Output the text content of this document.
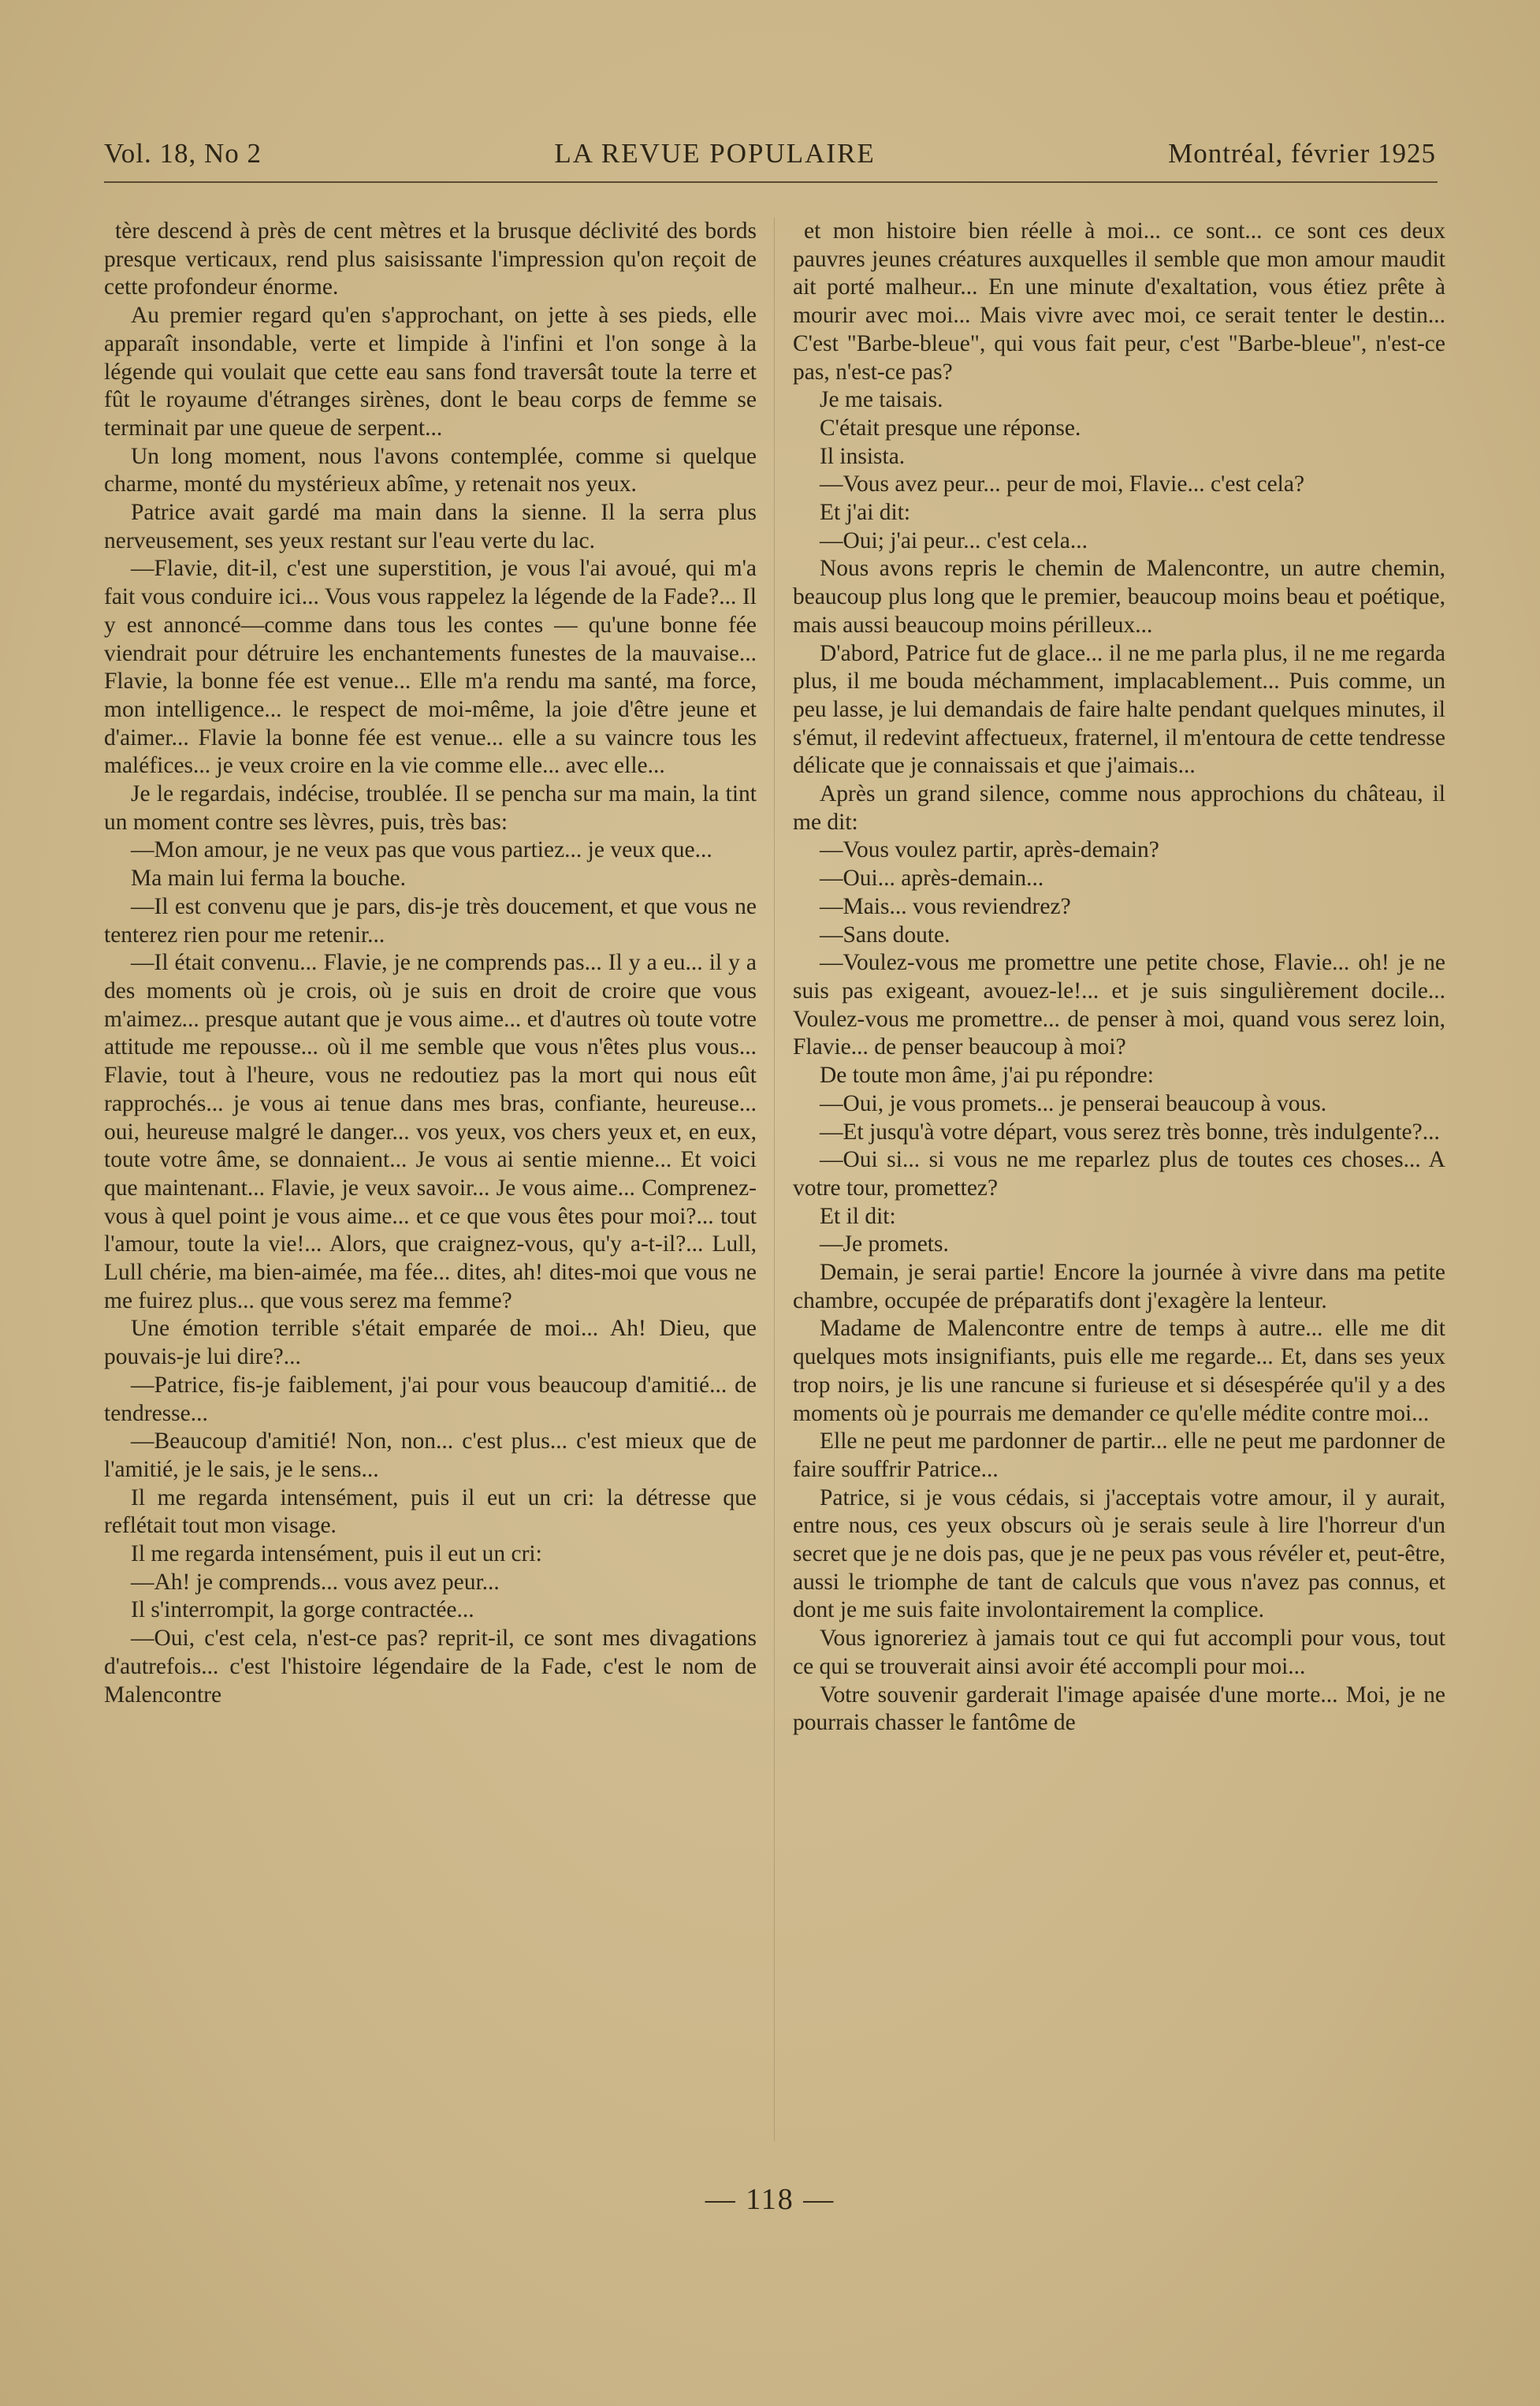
Vol. 18, No 2	LA REVUE POPULAIRE	Montréal, février 1925

tère descend à près de cent mètres et la brusque déclivité des bords presque verticaux, rend plus saisissante l'impression qu'on reçoit de cette profondeur énorme.

Au premier regard qu'en s'approchant, on jette à ses pieds, elle apparaît insondable, verte et limpide à l'infini et l'on songe à la légende qui voulait que cette eau sans fond traversât toute la terre et fût le royaume d'étranges sirènes, dont le beau corps de femme se terminait par une queue de serpent...

Un long moment, nous l'avons contemplée, comme si quelque charme, monté du mystérieux abîme, y retenait nos yeux.

Patrice avait gardé ma main dans la sienne. Il la serra plus nerveusement, ses yeux restant sur l'eau verte du lac.

—Flavie, dit-il, c'est une superstition, je vous l'ai avoué, qui m'a fait vous conduire ici... Vous vous rappelez la légende de la Fade?... Il y est annoncé—comme dans tous les contes — qu'une bonne fée viendrait pour détruire les enchantements funestes de la mauvaise... Flavie, la bonne fée est venue... Elle m'a rendu ma santé, ma force, mon intelligence... le respect de moi-même, la joie d'être jeune et d'aimer... Flavie la bonne fée est venue... elle a su vaincre tous les maléfices... je veux croire en la vie comme elle... avec elle...

Je le regardais, indécise, troublée. Il se pencha sur ma main, la tint un moment contre ses lèvres, puis, très bas:

—Mon amour, je ne veux pas que vous partiez... je veux que...

Ma main lui ferma la bouche.

—Il est convenu que je pars, dis-je très doucement, et que vous ne tenterez rien pour me retenir...

—Il était convenu... Flavie, je ne comprends pas... Il y a eu... il y a des moments où je crois, où je suis en droit de croire que vous m'aimez... presque autant que je vous aime... et d'autres où toute votre attitude me repousse... où il me semble que vous n'êtes plus vous... Flavie, tout à l'heure, vous ne redoutiez pas la mort qui nous eût rapprochés... je vous ai tenue dans mes bras, confiante, heureuse... oui, heureuse malgré le danger... vos yeux, vos chers yeux et, en eux, toute votre âme, se donnaient... Je vous ai sentie mienne... Et voici que maintenant... Flavie, je veux savoir... Je vous aime... Comprenez-vous à quel point je vous aime... et ce que vous êtes pour moi?... tout l'amour, toute la vie!... Alors, que craignez-vous, qu'y a-t-il?... Lull, Lull chérie, ma bien-aimée, ma fée... dites, ah! dites-moi que vous ne me fuirez plus... que vous serez ma femme?

Une émotion terrible s'était emparée de moi... Ah! Dieu, que pouvais-je lui dire?...

—Patrice, fis-je faiblement, j'ai pour vous beaucoup d'amitié... de tendresse...

—Beaucoup d'amitié! Non, non... c'est plus... c'est mieux que de l'amitié, je le sais, je le sens...

Il me regarda intensément, puis il eut un cri: la détresse que reflétait tout mon visage.

Il me regarda intensément, puis il eut un cri:

—Ah! je comprends... vous avez peur...

Il s'interrompit, la gorge contractée...

—Oui, c'est cela, n'est-ce pas? reprit-il, ce sont mes divagations d'autrefois... c'est l'histoire légendaire de la Fade, c'est le nom de Malencontre

et mon histoire bien réelle à moi... ce sont... ce sont ces deux pauvres jeunes créatures auxquelles il semble que mon amour maudit ait porté malheur... En une minute d'exaltation, vous étiez prête à mourir avec moi... Mais vivre avec moi, ce serait tenter le destin... C'est "Barbe-bleue", qui vous fait peur, c'est "Barbe-bleue", n'est-ce pas, n'est-ce pas?

Je me taisais.

C'était presque une réponse.

Il insista.

—Vous avez peur... peur de moi, Flavie... c'est cela?

Et j'ai dit:

—Oui; j'ai peur... c'est cela...

Nous avons repris le chemin de Malencontre, un autre chemin, beaucoup plus long que le premier, beaucoup moins beau et poétique, mais aussi beaucoup moins périlleux...

D'abord, Patrice fut de glace... il ne me parla plus, il ne me regarda plus, il me bouda méchamment, implacablement... Puis comme, un peu lasse, je lui demandais de faire halte pendant quelques minutes, il s'émut, il redevint affectueux, fraternel, il m'entoura de cette tendresse délicate que je connaissais et que j'aimais...

Après un grand silence, comme nous approchions du château, il me dit:

—Vous voulez partir, après-demain?

—Oui... après-demain...

—Mais... vous reviendrez?

—Sans doute.

—Voulez-vous me promettre une petite chose, Flavie... oh! je ne suis pas exigeant, avouez-le!... et je suis singulièrement docile... Voulez-vous me promettre... de penser à moi, quand vous serez loin, Flavie... de penser beaucoup à moi?

De toute mon âme, j'ai pu répondre:

—Oui, je vous promets... je penserai beaucoup à vous.

—Et jusqu'à votre départ, vous serez très bonne, très indulgente?...

—Oui si... si vous ne me reparlez plus de toutes ces choses... A votre tour, promettez?

Et il dit:

—Je promets.

Demain, je serai partie! Encore la journée à vivre dans ma petite chambre, occupée de préparatifs dont j'exagère la lenteur.

Madame de Malencontre entre de temps à autre... elle me dit quelques mots insignifiants, puis elle me regarde... Et, dans ses yeux trop noirs, je lis une rancune si furieuse et si désespérée qu'il y a des moments où je pourrais me demander ce qu'elle médite contre moi...

Elle ne peut me pardonner de partir... elle ne peut me pardonner de faire souffrir Patrice...

Patrice, si je vous cédais, si j'acceptais votre amour, il y aurait, entre nous, ces yeux obscurs où je serais seule à lire l'horreur d'un secret que je ne dois pas, que je ne peux pas vous révéler et, peut-être, aussi le triomphe de tant de calculs que vous n'avez pas connus, et dont je me suis faite involontairement la complice.

Vous ignoreriez à jamais tout ce qui fut accompli pour vous, tout ce qui se trouverait ainsi avoir été accompli pour moi...

Votre souvenir garderait l'image apaisée d'une morte... Moi, je ne pourrais chasser le fantôme de

— 118 —
